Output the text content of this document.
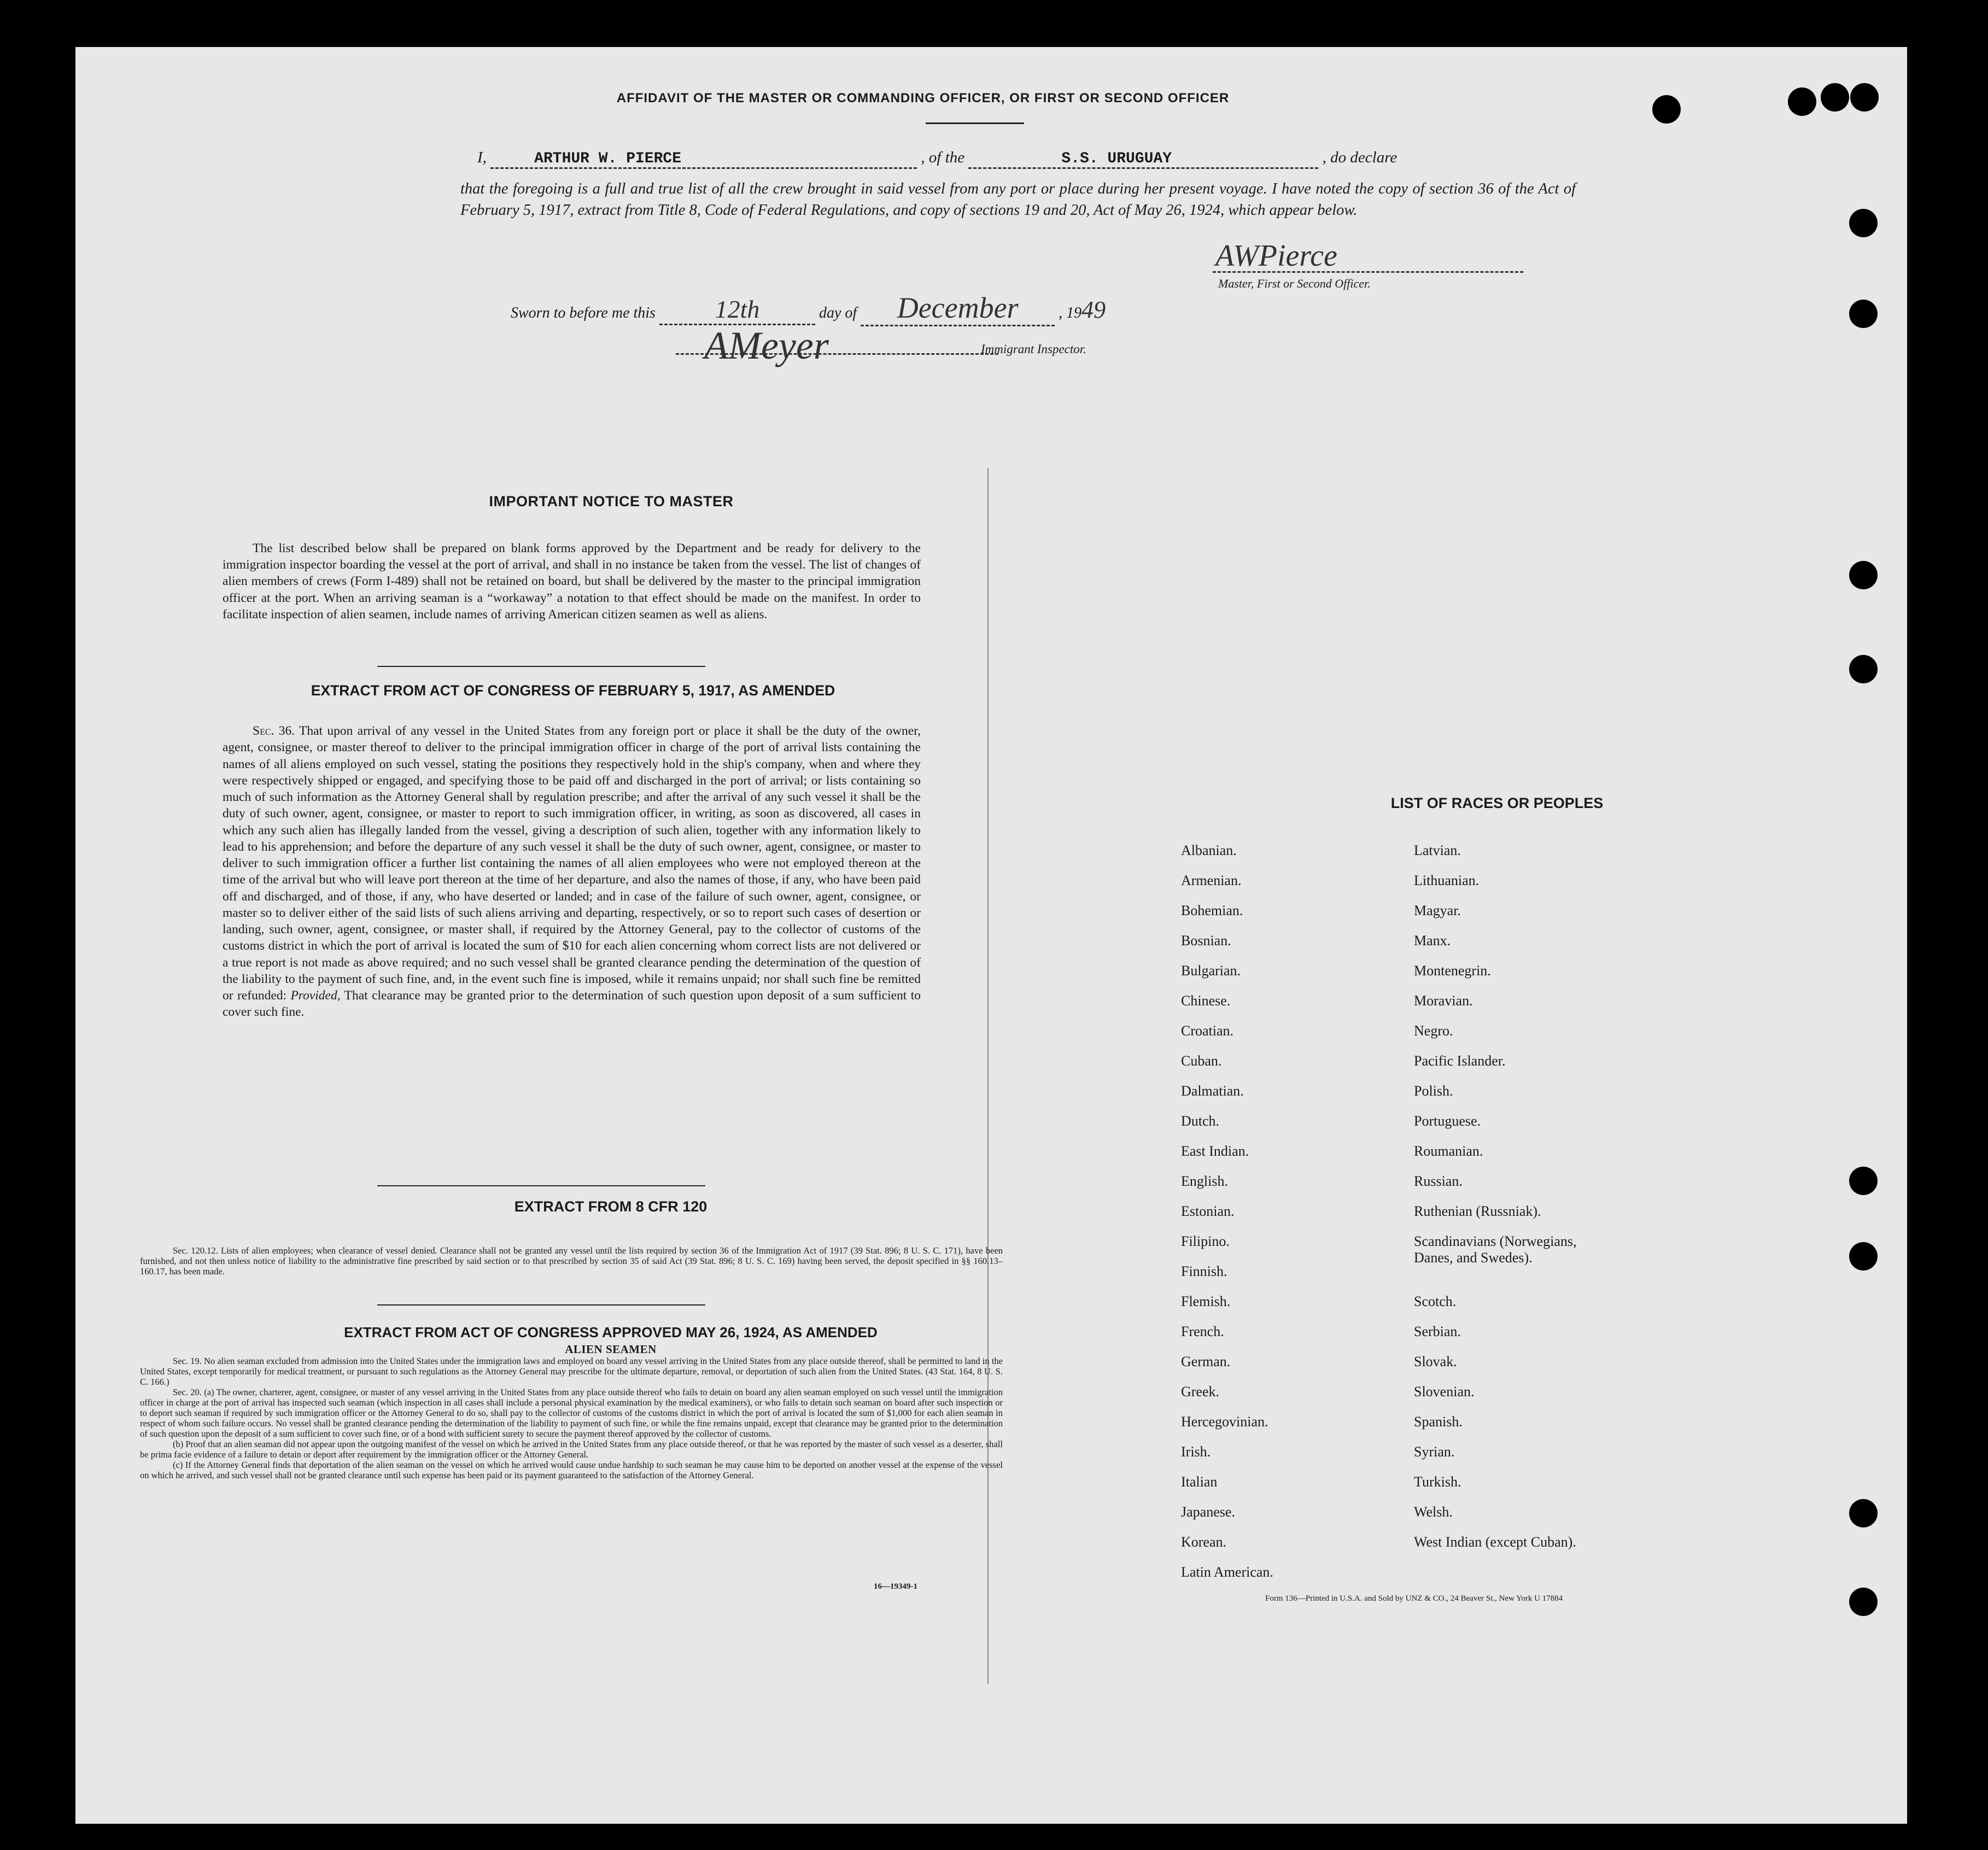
AFFIDAVIT OF THE MASTER OR COMMANDING OFFICER, OR FIRST OR SECOND OFFICER
I,	ARTHUR W. PIERCE	, of the	S.S. URUGUAY	, do declare
that the foregoing is a full and true list of all the crew brought in said vessel from any port or place during her present voyage. I have noted the copy of section 36 of the Act of February 5, 1917, extract from Title 8, Code of Federal Regulations, and copy of sections 19 and 20, Act of May 26, 1924, which appear below.
AWPierce
Master, First or Second Officer.
Sworn to before me this 12th	day of December	, 1949
AMeyer	Immigrant Inspector.
IMPORTANT NOTICE TO MASTER

The list described below shall be prepared on blank forms approved by the Department and be ready for delivery to the immigration inspector boarding the vessel at the port of arrival, and shall in no instance be taken from the vessel. The list of changes of alien members of crews (Form I-489) shall not be retained on board, but shall be delivered by the master to the principal immigration officer at the port. When an arriving seaman is a “workaway” a notation to that effect should be made on the manifest. In order to facilitate inspection of alien seamen, include names of arriving American citizen seamen as well as aliens.

EXTRACT FROM ACT OF CONGRESS OF FEBRUARY 5, 1917, AS AMENDED

Sec. 36. That upon arrival of any vessel in the United States from any foreign port or place it shall be the duty of the owner, agent, consignee, or master thereof to deliver to the principal immigration officer in charge of the port of arrival lists containing the names of all aliens employed on such vessel, stating the positions they respectively hold in the ship's company, when and where they were respectively shipped or engaged, and specifying those to be paid off and discharged in the port of arrival; or lists containing so much of such information as the Attorney General shall by regulation prescribe; and after the arrival of any such vessel it shall be the duty of such owner, agent, consignee, or master to report to such immigration officer, in writing, as soon as discovered, all cases in which any such alien has illegally landed from the vessel, giving a description of such alien, together with any information likely to lead to his apprehension; and before the departure of any such vessel it shall be the duty of such owner, agent, consignee, or master to deliver to such immigration officer a further list containing the names of all alien employees who were not employed thereon at the time of the arrival but who will leave port thereon at the time of her departure, and also the names of those, if any, who have been paid off and discharged, and of those, if any, who have deserted or landed; and in case of the failure of such owner, agent, consignee, or master so to deliver either of the said lists of such aliens arriving and departing, respectively, or so to report such cases of desertion or landing, such owner, agent, consignee, or master shall, if required by the Attorney General, pay to the collector of customs of the customs district in which the port of arrival is located the sum of $10 for each alien concerning whom correct lists are not delivered or a true report is not made as above required; and no such vessel shall be granted clearance pending the determination of the question of the liability to the payment of such fine, and, in the event such fine is imposed, while it remains unpaid; nor shall such fine be remitted or refunded: Provided, That clearance may be granted prior to the determination of such question upon deposit of a sum sufficient to cover such fine.

EXTRACT FROM 8 CFR 120

Sec. 120.12. Lists of alien employees; when clearance of vessel denied. Clearance shall not be granted any vessel until the lists required by section 36 of the Immigration Act of 1917 (39 Stat. 896; 8 U. S. C. 171), have been furnished, and not then unless notice of liability to the administrative fine prescribed by said section or to that prescribed by section 35 of said Act (39 Stat. 896; 8 U. S. C. 169) having been served, the deposit specified in §§ 160.13–160.17, has been made.

EXTRACT FROM ACT OF CONGRESS APPROVED MAY 26, 1924, AS AMENDED
ALIEN SEAMEN

Sec. 19. No alien seaman excluded from admission into the United States under the immigration laws and employed on board any vessel arriving in the United States from any place outside thereof, shall be permitted to land in the United States, except temporarily for medical treatment, or pursuant to such regulations as the Attorney General may prescribe for the ultimate departure, removal, or deportation of such alien from the United States. (43 Stat. 164, 8 U. S. C. 166.)

Sec. 20. (a) The owner, charterer, agent, consignee, or master of any vessel arriving in the United States from any place outside thereof who fails to detain on board any alien seaman employed on such vessel until the immigration officer in charge at the port of arrival has inspected such seaman (which inspection in all cases shall include a personal physical examination by the medical examiners), or who fails to detain such seaman on board after such inspection or to deport such seaman if required by such immigration officer or the Attorney General to do so, shall pay to the collector of customs of the customs district in which the port of arrival is located the sum of $1,000 for each alien seaman in respect of whom such failure occurs. No vessel shall be granted clearance pending the determination of the liability to payment of such fine, or while the fine remains unpaid, except that clearance may be granted prior to the determination of such question upon the deposit of a sum sufficient to cover such fine, or of a bond with sufficient surety to secure the payment thereof approved by the collector of customs.

(b) Proof that an alien seaman did not appear upon the outgoing manifest of the vessel on which he arrived in the United States from any place outside thereof, or that he was reported by the master of such vessel as a deserter, shall be prima facie evidence of a failure to detain or deport after requirement by the immigration officer or the Attorney General.

(c) If the Attorney General finds that deportation of the alien seaman on the vessel on which he arrived would cause undue hardship to such seaman he may cause him to be deported on another vessel at the expense of the vessel on which he arrived, and such vessel shall not be granted clearance until such expense has been paid or its payment guaranteed to the satisfaction of the Attorney General.

16—19349-1
LIST OF RACES OR PEOPLES
Albanian.
Armenian.
Bohemian.
Bosnian.
Bulgarian.
Chinese.
Croatian.
Cuban.
Dalmatian.
Dutch.
East Indian.
English.
Estonian.
Filipino.
Finnish.
Flemish.
French.
German.
Greek.
Hercegovinian.
Irish.
Italian
Japanese.
Korean.
Latin American.
Latvian.
Lithuanian.
Magyar.
Manx.
Montenegrin.
Moravian.
Negro.
Pacific Islander.
Polish.
Portuguese.
Roumanian.
Russian.
Ruthenian (Russniak).
Scandinavians (Norwegians,
Danes, and Swedes).
Scotch.
Serbian.
Slovak.
Slovenian.
Spanish.
Syrian.
Turkish.
Welsh.
West Indian (except Cuban).
Form 136—Printed in U.S.A. and Sold by UNZ & CO., 24 Beaver St., New York U 17884
